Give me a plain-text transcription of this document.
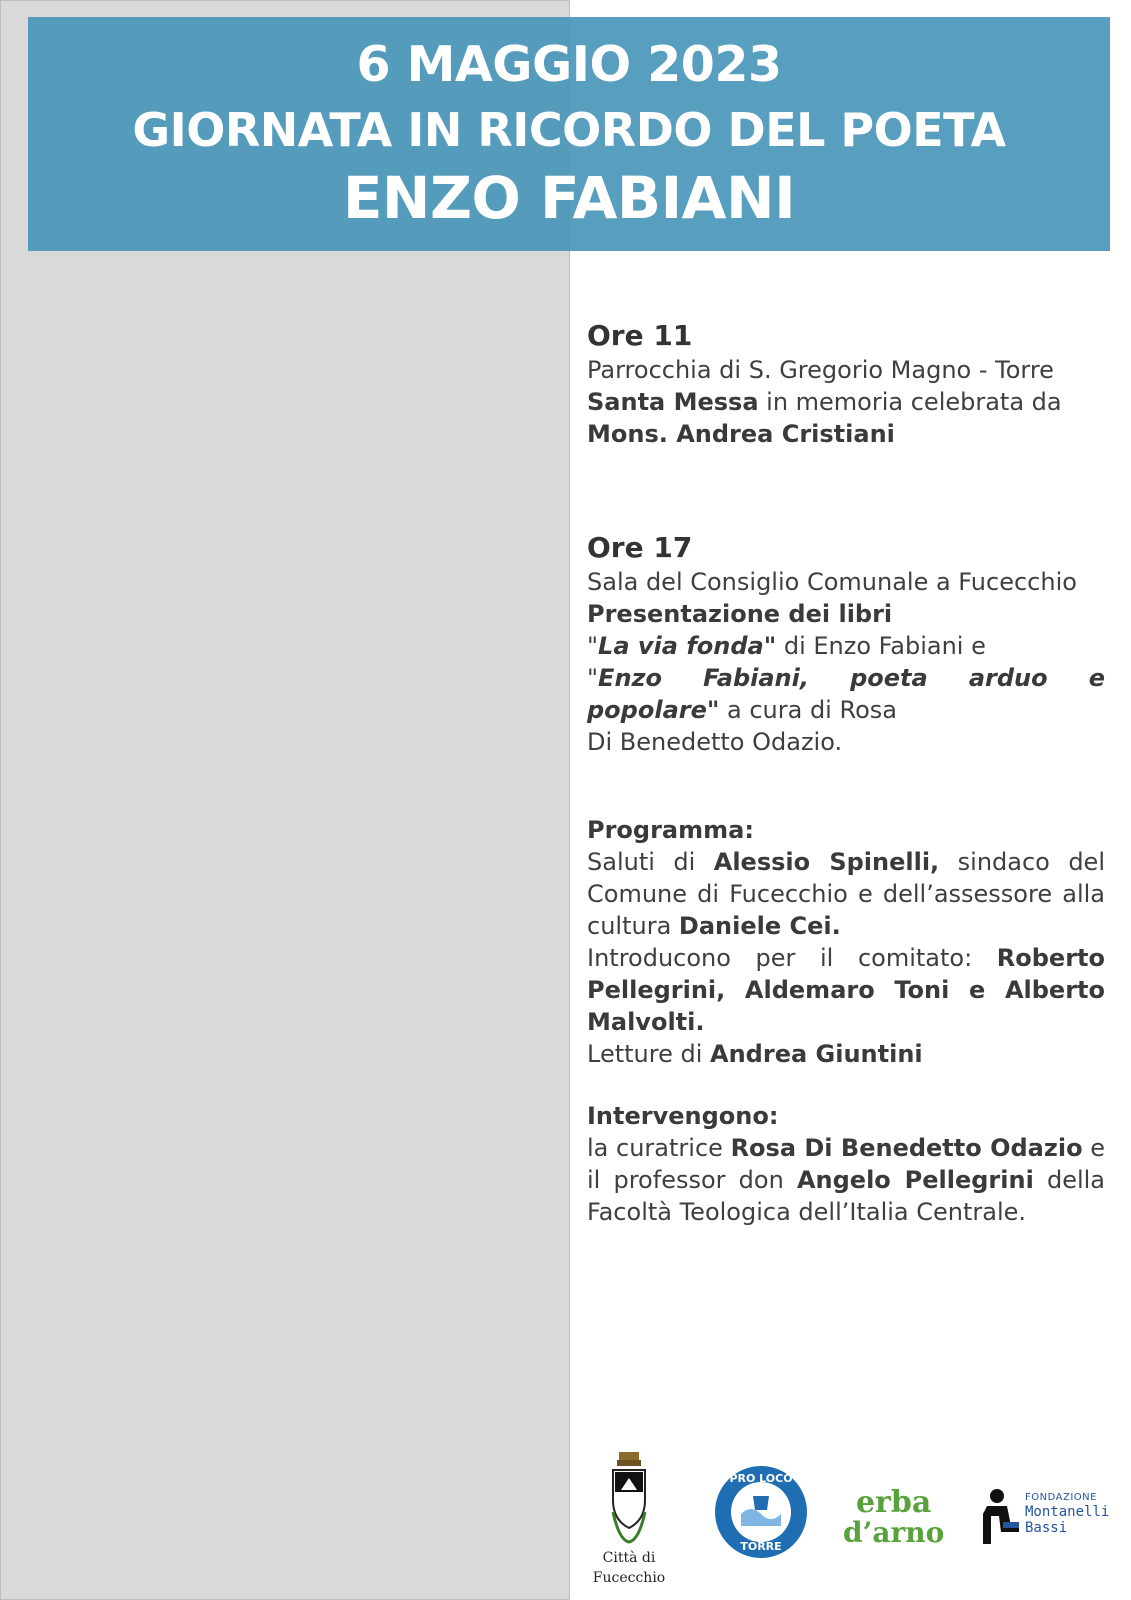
6 MAGGIO 2023
GIORNATA IN RICORDO DEL POETA
ENZO FABIANI
Ore 11
Parrocchia di S. Gregorio Magno - Torre
Santa Messa in memoria celebrata da Mons. Andrea Cristiani
Ore 17
Sala del Consiglio Comunale a Fucecchio
Presentazione dei libri
"La via fonda" di Enzo Fabiani e
"Enzo Fabiani, poeta arduo e popolare" a cura di Rosa
Di Benedetto Odazio.
Programma:
Saluti di Alessio Spinelli, sindaco del Comune di Fucecchio e dell’assessore alla cultura Daniele Cei.
Introducono per il comitato: Roberto Pellegrini, Aldemaro Toni e Alberto Malvolti.
Letture di Andrea Giuntini
Intervengono:
la curatrice Rosa Di Benedetto Odazio e il professor don Angelo Pellegrini della Facoltà Teologica dell’Italia Centrale.
Città di
Fucecchio
PRO LOCO
TORRE
erba
d’arno
FONDAZIONE
Montanelli
Bassi
